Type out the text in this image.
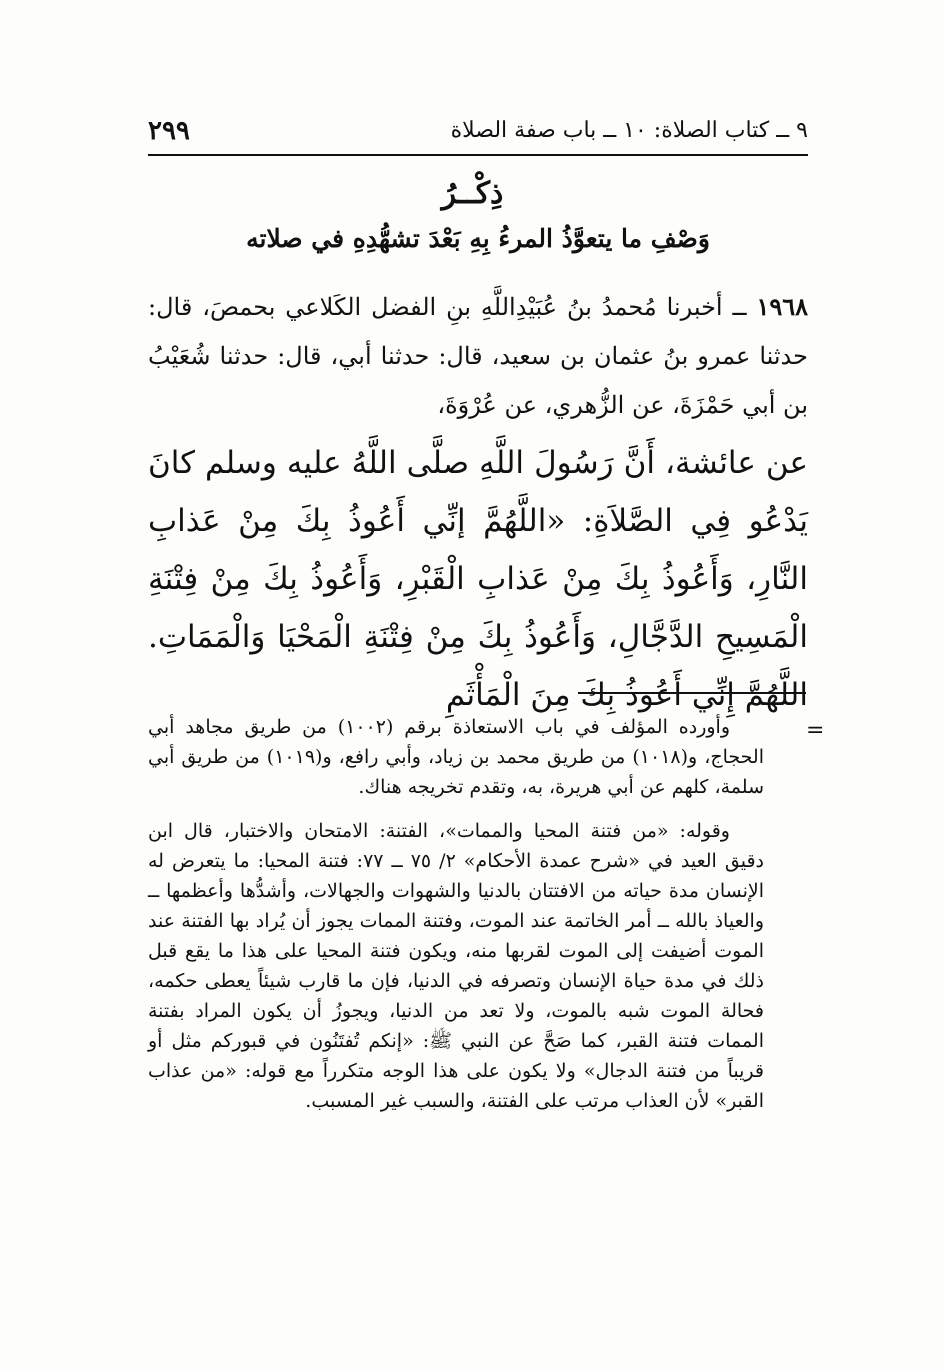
٢٩٩	٩ ــ كتاب الصلاة: ١٠ ــ باب صفة الصلاة
ذِكْــرُ
وَصْفِ ما يتعوَّذُ المرءُ بِهِ بَعْدَ تشهُّدِهِ في صلاته
١٩٦٨ ــ أخبرنا مُحمدُ بنُ عُبَيْدِاللَّهِ بنِ الفضل الكَلاعي بحمصَ، قال: حدثنا عمرو بنُ عثمان بن سعيد، قال: حدثنا أبي، قال: حدثنا شُعَيْبُ بن أبي حَمْزَةَ، عن الزُّهري، عن عُرْوَةَ،
عن عائشة، أَنَّ رَسُولَ اللَّهِ صلَّى اللَّهُ عليه وسلم كانَ يَدْعُو فِي الصَّلاَةِ: «اللَّهُمَّ إنِّي أَعُوذُ بِكَ مِنْ عَذابِ النَّارِ، وَأَعُوذُ بِكَ مِنْ عَذابِ الْقَبْرِ، وَأَعُوذُ بِكَ مِنْ فِتْنَةِ الْمَسِيحِ الدَّجَّالِ، وَأَعُوذُ بِكَ مِنْ فِتْنَةِ الْمَحْيَا وَالْمَمَاتِ. اللَّهُمَّ إِنِّي أَعُوذُ بِكَ مِنَ الْمَأْثَمِ
=

وأورده المؤلف في باب الاستعاذة برقم (١٠٠٢) من طريق مجاهد أبي الحجاج، و(١٠١٨) من طريق محمد بن زياد، وأبي رافع، و(١٠١٩) من طريق أبي سلمة، كلهم عن أبي هريرة، به، وتقدم تخريجه هناك.

وقوله: «من فتنة المحيا والممات»، الفتنة: الامتحان والاختبار، قال ابن دقيق العيد في «شرح عمدة الأحكام» ٢/ ٧٥ ــ ٧٧: فتنة المحيا: ما يتعرض له الإنسان مدة حياته من الافتتان بالدنيا والشهوات والجهالات، وأشدُّها وأعظمها ــ والعياذ بالله ــ أمر الخاتمة عند الموت، وفتنة الممات يجوز أن يُراد بها الفتنة عند الموت أضيفت إلى الموت لقربها منه، ويكون فتنة المحيا على هذا ما يقع قبل ذلك في مدة حياة الإنسان وتصرفه في الدنيا، فإن ما قارب شيئاً يعطى حكمه، فحالة الموت شبه بالموت، ولا تعد من الدنيا، ويجوزُ أن يكون المراد بفتنة الممات فتنة القبر، كما صَحَّ عن النبي ﷺ: «إنكم تُفتَنُون في قبوركم مثل أو قريباً من فتنة الدجال» ولا يكون على هذا الوجه متكرراً مع قوله: «من عذاب القبر» لأن العذاب مرتب على الفتنة، والسبب غير المسبب.
